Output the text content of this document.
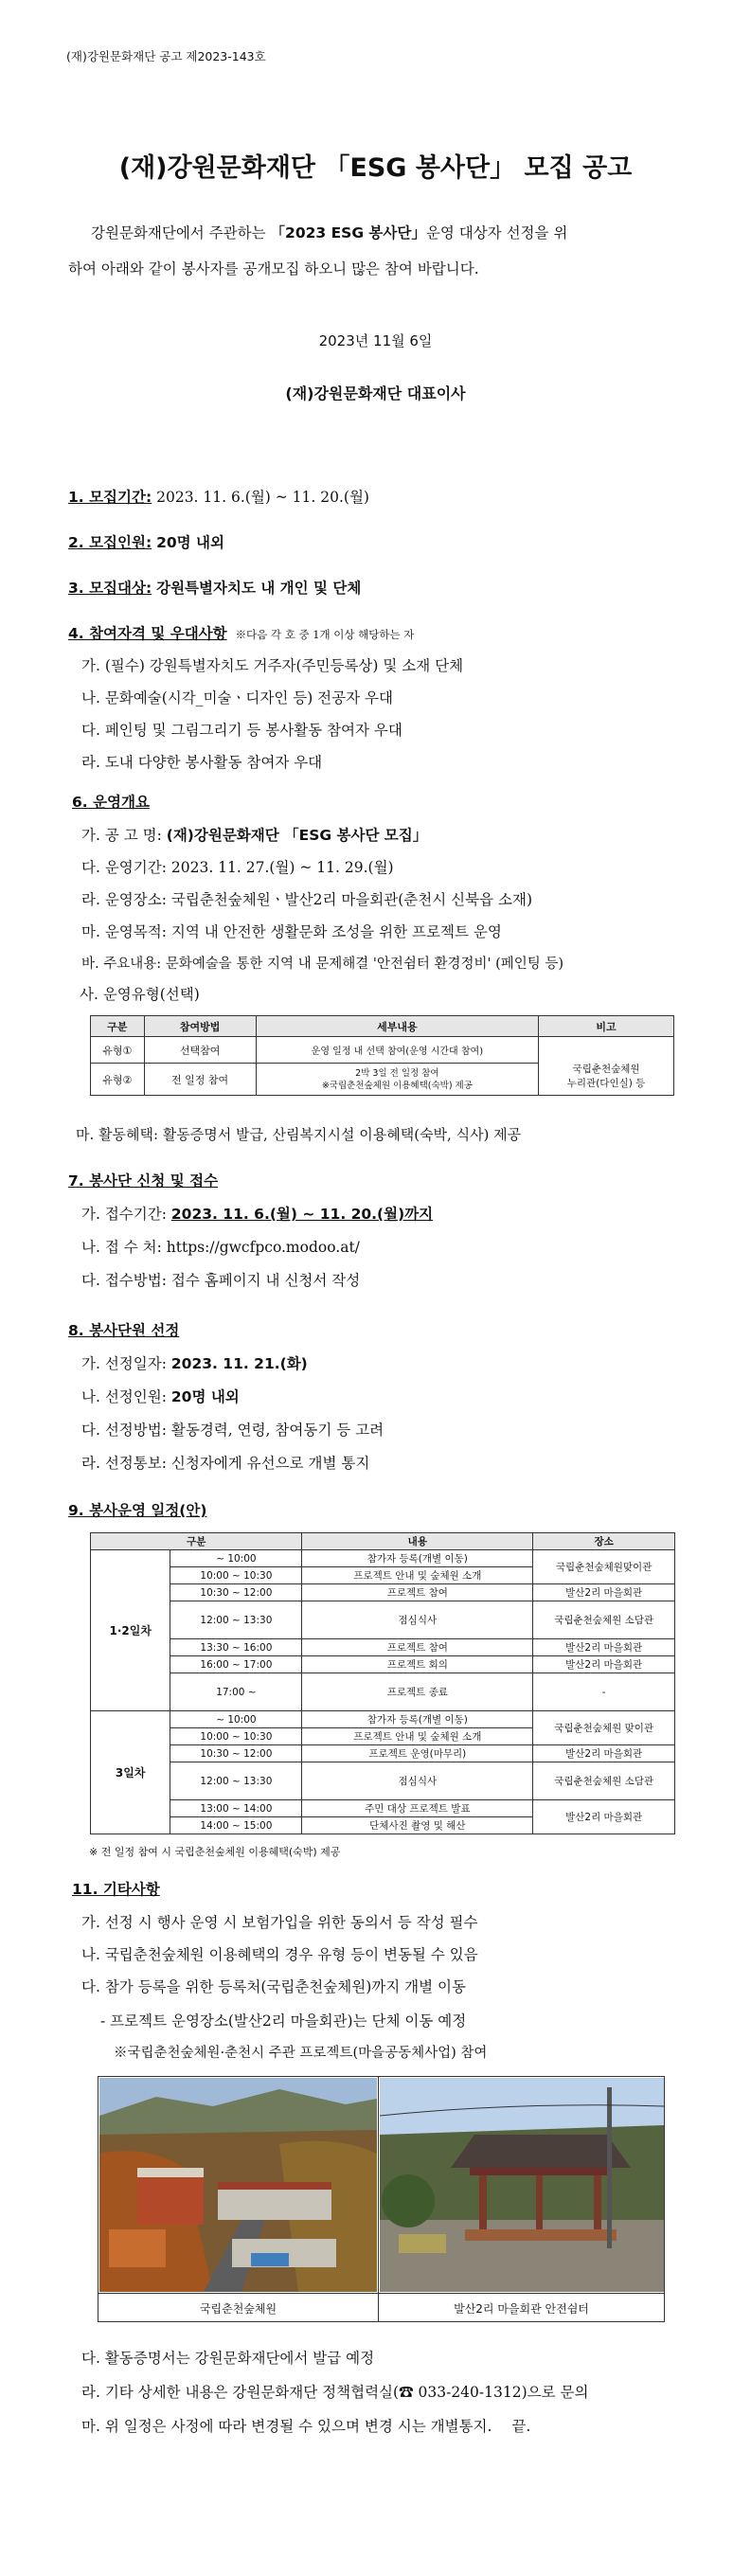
(재)강원문화재단 공고 제2023-143호
(재)강원문화재단 「ESG 봉사단」 모집 공고
강원문화재단에서 주관하는 「2023 ESG 봉사단」운영 대상자 선정을 위
하여 아래와 같이 봉사자를 공개모집 하오니 많은 참여 바랍니다.
2023년 11월 6일
(재)강원문화재단 대표이사
1. 모집기간: 2023. 11. 6.(월) ~ 11. 20.(월)
2. 모집인원: 20명 내외
3. 모집대상: 강원특별자치도 내 개인 및 단체
4. 참여자격 및 우대사항 ※다음 각 호 중 1개 이상 해당하는 자
가. (필수) 강원특별자치도 거주자(주민등록상) 및 소재 단체
나. 문화예술(시각_미술ㆍ디자인 등) 전공자 우대
다. 페인팅 및 그림그리기 등 봉사활동 참여자 우대
라. 도내 다양한 봉사활동 참여자 우대
6. 운영개요
가. 공 고 명: (재)강원문화재단 「ESG 봉사단 모집」
다. 운영기간: 2023. 11. 27.(월) ~ 11. 29.(월)
라. 운영장소: 국립춘천숲체원ㆍ발산2리 마을회관(춘천시 신북읍 소재)
마. 운영목적: 지역 내 안전한 생활문화 조성을 위한 프로젝트 운영
바. 주요내용: 문화예술을 통한 지역 내 문제해결 '안전쉼터 환경정비' (페인팅 등)
사. 운영유형(선택)
구분	참여방법	세부내용	비고
유형①	선택참여	운영 일정 내 선택 참여(운영 시간대 참여)	국립춘천숲체원
누리관(다인실) 등

유형②	전 일정 참여	2박 3일 전 일정 참여
※국립춘천숲체원 이용혜택(숙박) 제공	
마. 활동혜택: 활동증명서 발급, 산림복지시설 이용혜택(숙박, 식사) 제공
7. 봉사단 신청 및 접수
가. 접수기간: 2023. 11. 6.(월) ~ 11. 20.(월)까지
나. 접 수 처: https://gwcfpco.modoo.at/
다. 접수방법: 접수 홈페이지 내 신청서 작성
8. 봉사단원 선정
가. 선정일자: 2023. 11. 21.(화)
나. 선정인원: 20명 내외
다. 선정방법: 활동경력, 연령, 참여동기 등 고려
라. 선정통보: 신청자에게 유선으로 개별 통지
9. 봉사운영 일정(안)
구분		내용	장소
1·2일차	~ 10:00	참가자 등록(개별 이동)	국립춘천숲체원맞이관
	10:00 ~ 10:30	프로젝트 안내 및 숲체원 소개	
	10:30 ~ 12:00	프로젝트 참여	발산2리 마을회관
	12:00 ~ 13:30	점심식사	국립춘천숲체원 소담관
	13:30 ~ 16:00	프로젝트 참여	발산2리 마을회관
	16:00 ~ 17:00	프로젝트 회의	발산2리 마을회관
	17:00 ~	프로젝트 종료	-
3일차	~ 10:00	참가자 등록(개별 이동)	국립춘천숲체원 맞이관
	10:00 ~ 10:30	프로젝트 안내 및 숲체원 소개	
	10:30 ~ 12:00	프로젝트 운영(마무리)	발산2리 마을회관
	12:00 ~ 13:30	점심식사	국립춘천숲체원 소담관
	13:00 ~ 14:00	주민 대상 프로젝트 발표	발산2리 마을회관
	14:00 ~ 15:00	단체사진 촬영 및 해산	
※ 전 일정 참여 시 국립춘천숲체원 이용혜택(숙박) 제공
11. 기타사항
가. 선정 시 행사 운영 시 보험가입을 위한 동의서 등 작성 필수
나. 국립춘천숲체원 이용혜택의 경우 유형 등이 변동될 수 있음
다. 참가 등록을 위한 등록처(국립춘천숲체원)까지 개별 이동
- 프로젝트 운영장소(발산2리 마을회관)는 단체 이동 예정
※국립춘천숲체원·춘천시 주관 프로젝트(마을공동체사업) 참여
국립춘천숲체원	발산2리 마을회관 안전쉼터
다. 활동증명서는 강원문화재단에서 발급 예정
라. 기타 상세한 내용은 강원문화재단 정책협력실(☎ 033-240-1312)으로 문의
마. 위 일정은 사정에 따라 변경될 수 있으며 변경 시는 개별통지. 끝.
